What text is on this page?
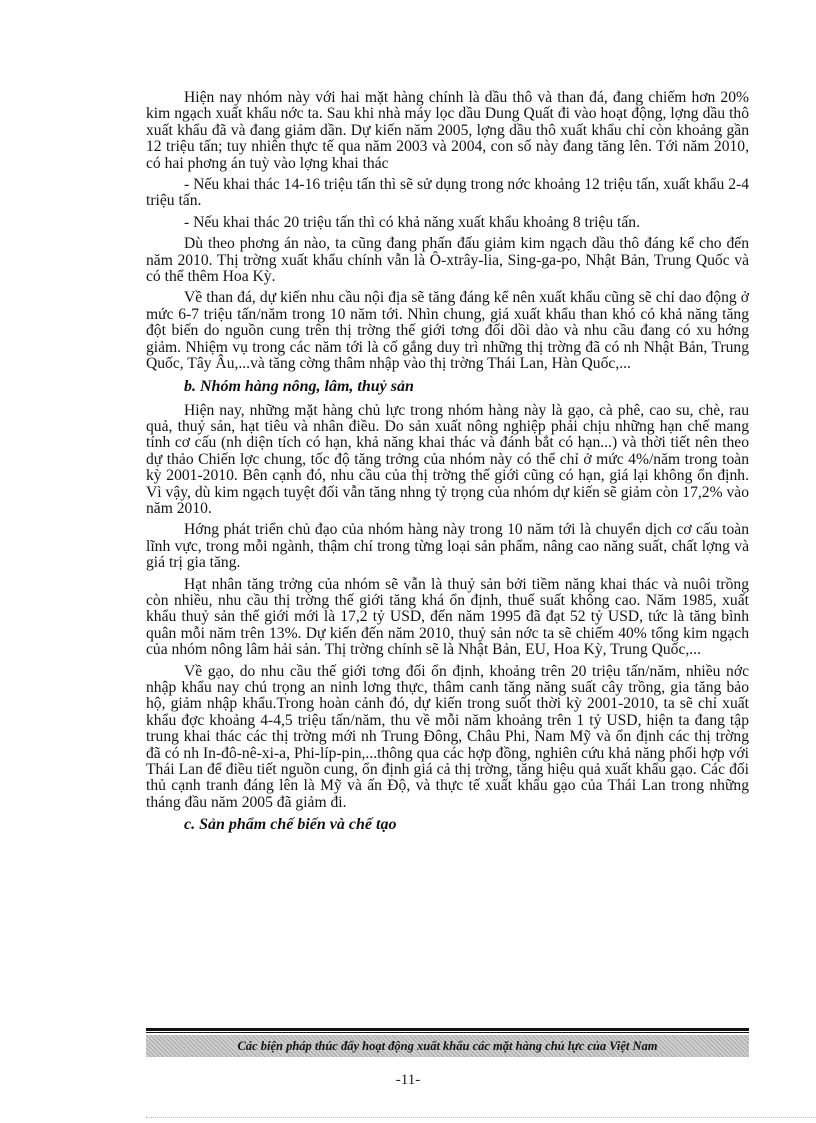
Hiện nay nhóm này với hai mặt hàng chính là dầu thô và than đá, đang chiếm hơn 20% kim ngạch xuất khẩu nớc ta. Sau khi nhà máy lọc dầu Dung Quất đi vào hoạt động, lợng dầu thô xuất khẩu đã và đang giảm dần. Dự kiến năm 2005, lợng dầu thô xuất khẩu chỉ còn khoảng gần 12 triệu tấn; tuy nhiên thực tế qua năm 2003 và 2004, con số này đang tăng lên. Tới năm 2010, có hai phơng án tuỳ vào lợng khai thác

- Nếu khai thác 14-16 triệu tấn thì sẽ sử dụng trong nớc khoảng 12 triệu tấn, xuất khẩu 2-4 triệu tấn.

- Nếu khai thác 20 triệu tấn thì có khả năng xuất khẩu khoảng 8 triệu tấn.

Dù theo phơng án nào, ta cũng đang phấn đấu giảm kim ngạch dầu thô đáng kể cho đến năm 2010. Thị trờng xuất khẩu chính vẫn là Ô-xtrây-lia, Sing-ga-po, Nhật Bản, Trung Quốc và có thể thêm Hoa Kỳ.

Về than đá, dự kiến nhu cầu nội địa sẽ tăng đáng kể nên xuất khẩu cũng sẽ chỉ dao động ở mức 6-7 triệu tấn/năm trong 10 năm tới. Nhìn chung, giá xuất khẩu than khó có khả năng tăng đột biến do nguồn cung trên thị trờng thế giới tơng đối dồi dào và nhu cầu đang có xu hớng giảm. Nhiệm vụ trong các năm tới là cố gắng duy trì những thị trờng đã có nh Nhật Bản, Trung Quốc, Tây Âu,...và tăng cờng thâm nhập vào thị trờng Thái Lan, Hàn Quốc,...

b. Nhóm hàng nông, lâm, thuỷ sản

Hiện nay, những mặt hàng chủ lực trong nhóm hàng này là gạo, cà phê, cao su, chè, rau quả, thuỷ sản, hạt tiêu và nhân điều. Do sản xuất nông nghiệp phải chịu những hạn chế mang tính cơ cấu (nh diện tích có hạn, khả năng khai thác và đánh bắt có hạn...) và thời tiết nên theo dự thảo Chiến lợc chung, tốc độ tăng trởng của nhóm này có thể chỉ ở mức 4%/năm trong toàn kỳ 2001-2010. Bên cạnh đó, nhu cầu của thị trờng thế giới cũng có hạn, giá lại không ổn định. Vì vậy, dù kim ngạch tuyệt đối vẫn tăng nhng tỷ trọng của nhóm dự kiến sẽ giảm còn 17,2% vào năm 2010.

Hớng phát triển chủ đạo của nhóm hàng này trong 10 năm tới là chuyển dịch cơ cấu toàn lĩnh vực, trong mỗi ngành, thậm chí trong từng loại sản phẩm, nâng cao năng suất, chất lợng và giá trị gia tăng.

Hạt nhân tăng trởng của nhóm sẽ vẫn là thuỷ sản bởi tiềm năng khai thác và nuôi trồng còn nhiều, nhu cầu thị trờng thế giới tăng khá ổn định, thuế suất không cao. Năm 1985, xuất khẩu thuỷ sản thế giới mới là 17,2 tỷ USD, đến năm 1995 đã đạt 52 tỷ USD, tức là tăng bình quân mỗi năm trên 13%. Dự kiến đến năm 2010, thuỷ sản nớc ta sẽ chiếm 40% tổng kim ngạch của nhóm nông lâm hải sản. Thị trờng chính sẽ là Nhật Bản, EU, Hoa Kỳ, Trung Quốc,...

Về gạo, do nhu cầu thế giới tơng đối ổn định, khoảng trên 20 triệu tấn/năm, nhiều nớc nhập khẩu nay chú trọng an ninh lơng thực, thâm canh tăng năng suất cây trồng, gia tăng bảo hộ, giảm nhập khẩu.Trong hoàn cảnh đó, dự kiến trong suốt thời kỳ 2001-2010, ta sẽ chỉ xuất khẩu đợc khoảng 4-4,5 triệu tấn/năm, thu về mỗi năm khoảng trên 1 tỷ USD, hiện ta đang tập trung khai thác các thị trờng mới nh Trung Đông, Châu Phi, Nam Mỹ và ổn định các thị trờng đã có nh In-đô-nê-xi-a, Phi-líp-pin,...thông qua các hợp đồng, nghiên cứu khả năng phối hợp với Thái Lan để điều tiết nguồn cung, ổn định giá cả thị trờng, tăng hiệu quả xuất khẩu gạo. Các đối thủ cạnh tranh đáng lên là Mỹ và ấn Độ, và thực tế xuất khẩu gạo của Thái Lan trong những tháng đầu năm 2005 đã giảm đi.

c. Sản phẩm chế biến và chế tạo
Các biện pháp thúc đẩy hoạt động xuất khẩu các mặt hàng chủ lực của Việt Nam
-11-
